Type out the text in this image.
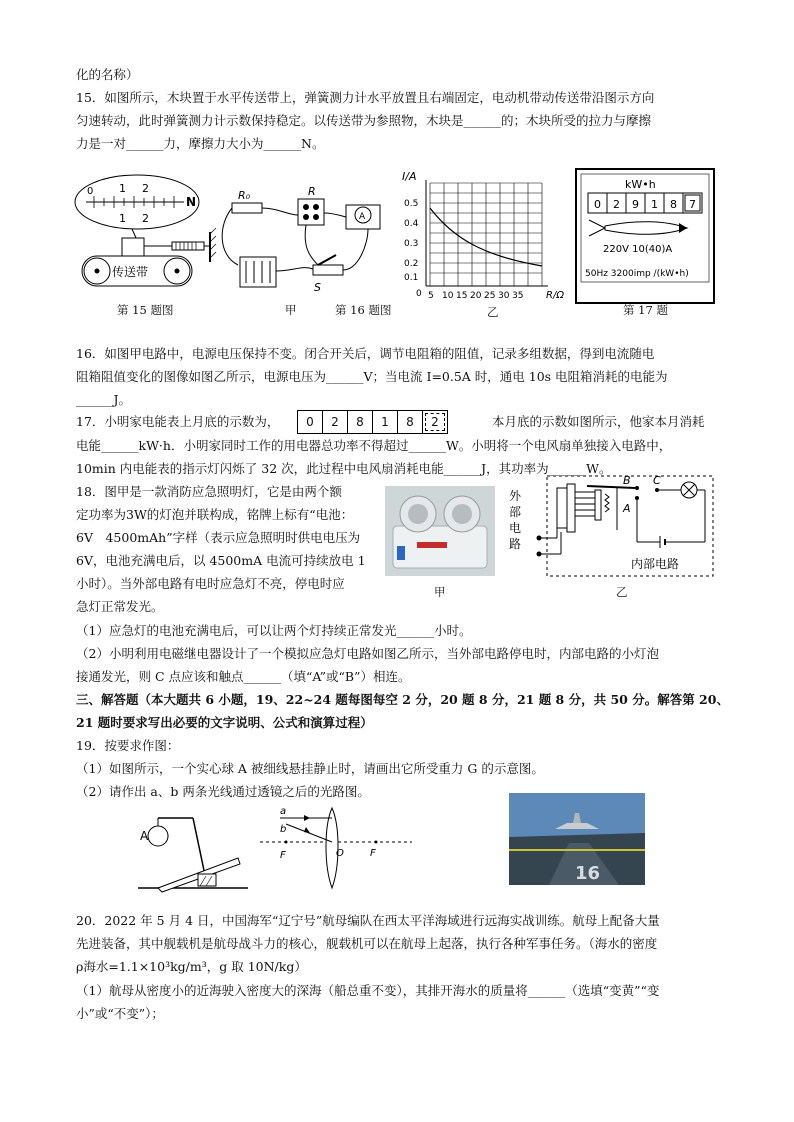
化的名称）
15．如图所示，木块置于水平传送带上，弹簧测力计水平放置且右端固定，电动机带动传送带沿图示方向
匀速转动，此时弹簧测力计示数保持稳定。以传送带为参照物，木块是______的；木块所受的拉力与摩擦
力是一对______力，摩擦力大小为______N。
1 2
1 2
0
N
传送带
R₀	R
A
S
第 15 题图	甲	第 16 题图
I/A
0.5
0.4
0.3
0.2
0.1
0 5 10 15 20 25 30 35 R/Ω
乙
kW•h
0 2 9 1 8 7
220V 10(40)A
50Hz 3200imp /(kW•h)
第 17 题
16．如图甲电路中，电源电压保持不变。闭合开关后，调节电阻箱的阻值，记录多组数据，得到电流随电
阻箱阻值变化的图像如图乙所示，电源电压为______V；当电流 I=0.5A 时，通电 10s 电阻箱消耗的电能为
______J。
17．小明家电能表上月底的示数为，	0	2	8	1	8	2	本月底的示数如图所示，他家本月消耗
电能______kW·h．小明家同时工作的用电器总功率不得超过______W。小明将一个电风扇单独接入电路中，
10min 内电能表的指示灯闪烁了 32 次，此过程中电风扇消耗电能______J，其功率为______W。
18．图甲是一款消防应急照明灯，它是由两个额
定功率为3W的灯泡并联构成，铭牌上标有“电池：
6V　4500mAh”字样（表示应急照明时供电电压为
6V，电池充满电后，以 4500mA 电流可持续放电 1
小时）。当外部电路有电时应急灯不亮，停电时应
急灯正常发光。
甲
外
部
电
路
B C
A
内部电路
乙
（1）应急灯的电池充满电后，可以让两个灯持续正常发光______小时。
（2）小明利用电磁继电器设计了一个模拟应急灯电路如图乙所示，当外部电路停电时，内部电路的小灯泡
接通发光，则 C 点应该和触点______（填“A”或“B”）相连。
三、解答题（本大题共 6 小题，19、22~24 题每图每空 2 分，20 题 8 分，21 题 8 分，共 50 分。解答第 20、
21 题时要求写出必要的文字说明、公式和演算过程）
19．按要求作图：
（1）如图所示，一个实心球 A 被细线悬挂静止时，请画出它所受重力 G 的示意图。
（2）请作出 a、b 两条光线通过透镜之后的光路图。
A
a
b
F	O	F
16
20．2022 年 5 月 4 日，中国海军“辽宁号”航母编队在西太平洋海域进行远海实战训练。航母上配备大量
先进装备，其中舰载机是航母战斗力的核心，舰载机可以在航母上起落，执行各种军事任务。（海水的密度
ρ海水=1.1×10³kg/m³，g 取 10N/kg）
（1）航母从密度小的近海驶入密度大的深海（船总重不变），其排开海水的质量将______（选填“变黄”“变
小”或“不变”）；
